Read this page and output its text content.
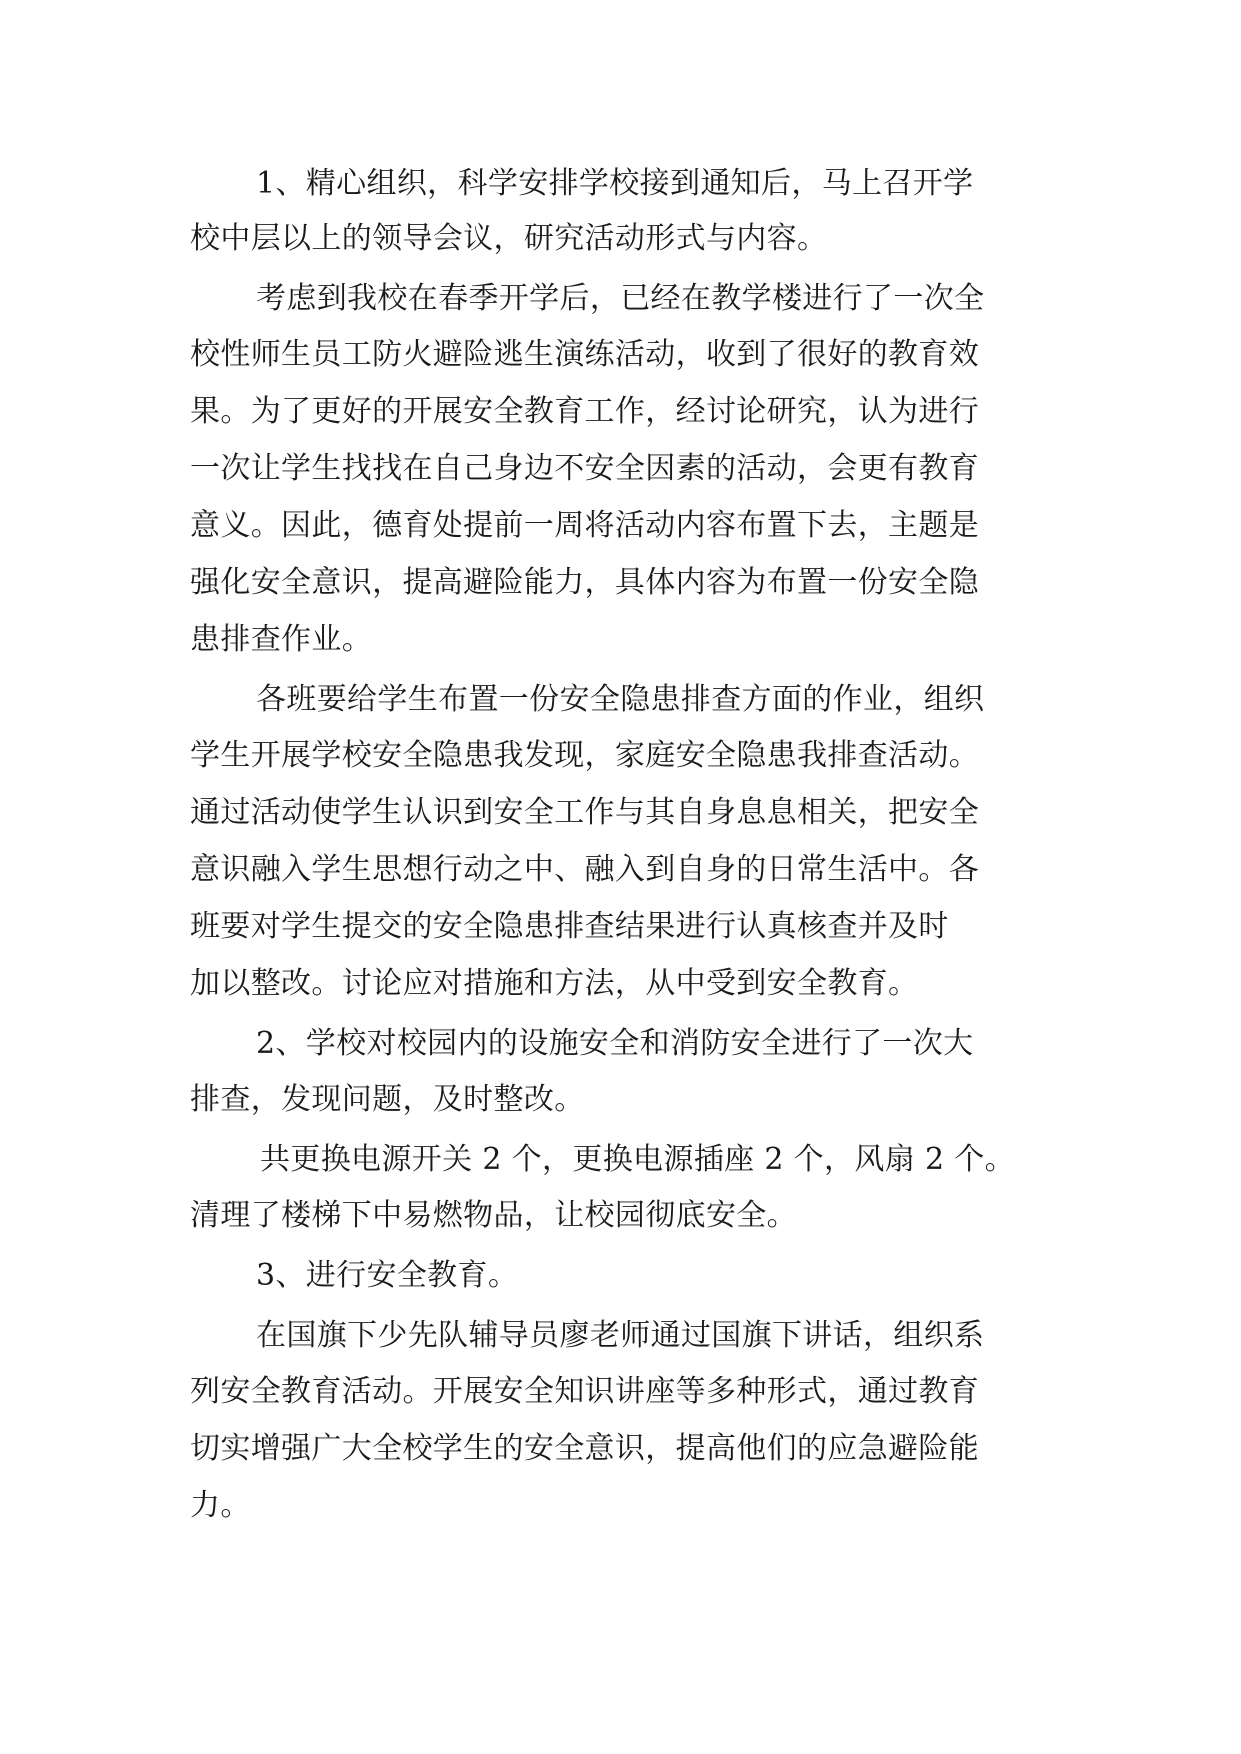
1、精心组织，科学安排学校接到通知后，马上召开学
校中层以上的领导会议，研究活动形式与内容。
考虑到我校在春季开学后，已经在教学楼进行了一次全
校性师生员工防火避险逃生演练活动，收到了很好的教育效
果。为了更好的开展安全教育工作，经讨论研究，认为进行
一次让学生找找在自己身边不安全因素的活动，会更有教育
意义。因此，德育处提前一周将活动内容布置下去，主题是
强化安全意识，提高避险能力，具体内容为布置一份安全隐
患排查作业。
各班要给学生布置一份安全隐患排查方面的作业，组织
学生开展学校安全隐患我发现，家庭安全隐患我排查活动。
通过活动使学生认识到安全工作与其自身息息相关，把安全
意识融入学生思想行动之中、融入到自身的日常生活中。各
班要对学生提交的安全隐患排查结果进行认真核查并及时
加以整改。讨论应对措施和方法，从中受到安全教育。
2、学校对校园内的设施安全和消防安全进行了一次大
排查，发现问题，及时整改。
共更换电源开关 2 个，更换电源插座 2 个，风扇 2 个。
清理了楼梯下中易燃物品，让校园彻底安全。
3、进行安全教育。
在国旗下少先队辅导员廖老师通过国旗下讲话，组织系
列安全教育活动。开展安全知识讲座等多种形式，通过教育
切实增强广大全校学生的安全意识，提高他们的应急避险能
力。
